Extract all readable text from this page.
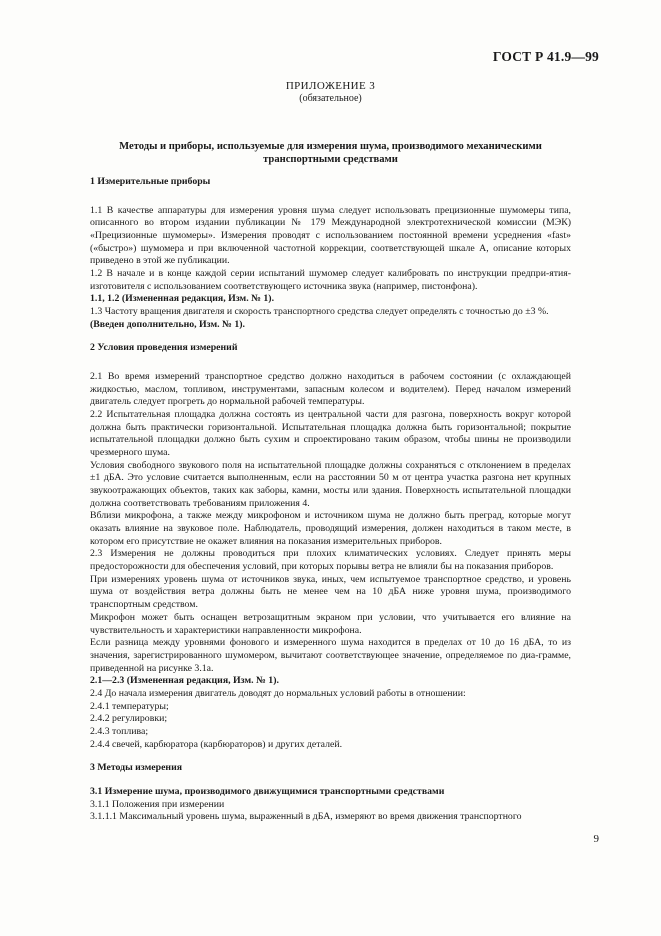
ГОСТ Р 41.9—99
ПРИЛОЖЕНИЕ 3
(обязательное)
Методы и приборы, используемые для измерения шума, производимого механическими транспортными средствами

1 Измерительные приборы

1.1 В качестве аппаратуры для измерения уровня шума следует использовать прецизионные шумомеры типа, описанного во втором издании публикации № 179 Международной электротехнической комиссии (МЭК) «Прецизионные шумомеры». Измерения проводят с использованием постоянной времени усреднения «fast» («быстро») шумомера и при включенной частотной коррекции, соответствующей шкале А, описание которых приведено в этой же публикации.

1.2 В начале и в конце каждой серии испытаний шумомер следует калибровать по инструкции предпри-ятия-изготовителя с использованием соответствующего источника звука (например, пистонфона).

1.1, 1.2 (Измененная редакция, Изм. № 1).

1.3 Частоту вращения двигателя и скорость транспортного средства следует определять с точностью до ±3 %.

(Введен дополнительно, Изм. № 1).

2 Условия проведения измерений

2.1 Во время измерений транспортное средство должно находиться в рабочем состоянии (с охлаждающей жидкостью, маслом, топливом, инструментами, запасным колесом и водителем). Перед началом измерений двигатель следует прогреть до нормальной рабочей температуры.

2.2 Испытательная площадка должна состоять из центральной части для разгона, поверхность вокруг которой должна быть практически горизонтальной. Испытательная площадка должна быть горизонтальной; покрытие испытательной площадки должно быть сухим и спроектировано таким образом, чтобы шины не производили чрезмерного шума.

Условия свободного звукового поля на испытательной площадке должны сохраняться с отклонением в пределах ±1 дБА. Это условие считается выполненным, если на расстоянии 50 м от центра участка разгона нет крупных звукоотражающих объектов, таких как заборы, камни, мосты или здания. Поверхность испытательной площадки должна соответствовать требованиям приложения 4.

Вблизи микрофона, а также между микрофоном и источником шума не должно быть преград, которые могут оказать влияние на звуковое поле. Наблюдатель, проводящий измерения, должен находиться в таком месте, в котором его присутствие не окажет влияния на показания измерительных приборов.

2.3 Измерения не должны проводиться при плохих климатических условиях. Следует принять меры предосторожности для обеспечения условий, при которых порывы ветра не влияли бы на показания приборов.

При измерениях уровень шума от источников звука, иных, чем испытуемое транспортное средство, и уровень шума от воздействия ветра должны быть не менее чем на 10 дБА ниже уровня шума, производимого транспортным средством.

Микрофон может быть оснащен ветрозащитным экраном при условии, что учитывается его влияние на чувствительность и характеристики направленности микрофона.

Если разница между уровнями фонового и измеренного шума находится в пределах от 10 до 16 дБА, то из значения, зарегистрированного шумомером, вычитают соответствующее значение, определяемое по диа-грамме, приведенной на рисунке 3.1а.

2.1—2.3 (Измененная редакция, Изм. № 1).

2.4 До начала измерения двигатель доводят до нормальных условий работы в отношении:

2.4.1 температуры;

2.4.2 регулировки;

2.4.3 топлива;

2.4.4 свечей, карбюратора (карбюраторов) и других деталей.

3 Методы измерения

3.1 Измерение шума, производимого движущимися транспортными средствами

3.1.1 Положения при измерении

3.1.1.1 Максимальный уровень шума, выраженный в дБА, измеряют во время движения транспортного

9
